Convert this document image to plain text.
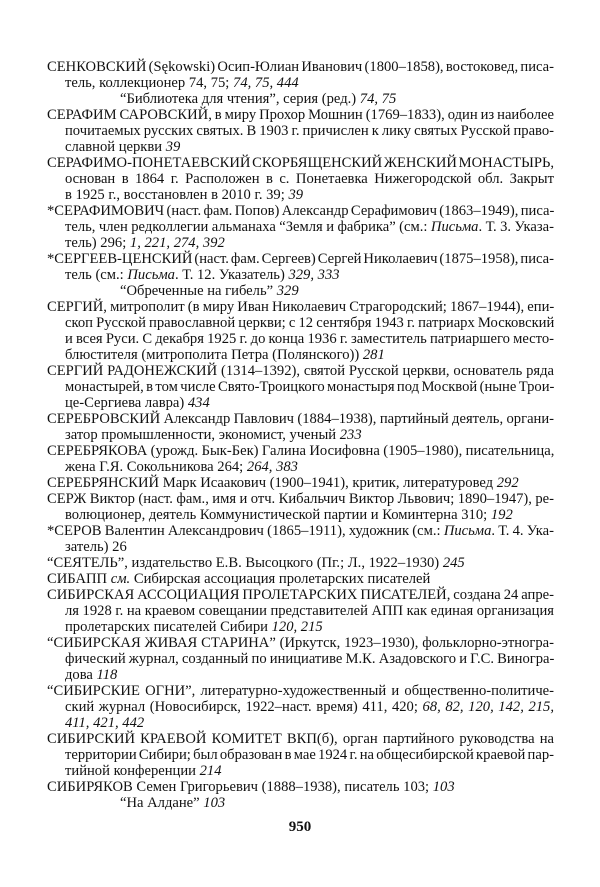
СЕНКОВСКИЙ (Sękowski) Осип-Юлиан Иванович (1800–1858), востоковед, писа-
тель, коллекционер 74, 75; 74, 75, 444
“Библиотека для чтения”, серия (ред.) 74, 75
СЕРАФИМ САРОВСКИЙ, в миру Прохор Мошнин (1769–1833), один из наиболее
почитаемых русских святых. В 1903 г. причислен к лику святых Русской право-
славной церкви 39
СЕРАФИМО-ПОНЕТАЕВСКИЙ СКОРБЯЩЕНСКИЙ ЖЕНСКИЙ МОНАСТЫРЬ,
основан в 1864 г. Расположен в с. Понетаевка Нижегородской обл. Закрыт
в 1925 г., восстановлен в 2010 г. 39; 39
*СЕРАФИМОВИЧ (наст. фам. Попов) Александр Серафимович (1863–1949), писа-
тель, член редколлегии альманаха “Земля и фабрика” (см.: Письма. Т. 3. Указа-
тель) 296; 1, 221, 274, 392
*СЕРГЕЕВ-ЦЕНСКИЙ (наст. фам. Сергеев) Сергей Николаевич (1875–1958), писа-
тель (см.: Письма. Т. 12. Указатель) 329, 333
“Обреченные на гибель” 329
СЕРГИЙ, митрополит (в миру Иван Николаевич Страгородский; 1867–1944), епи-
скоп Русской православной церкви; с 12 сентября 1943 г. патриарх Московский
и всея Руси. С декабря 1925 г. до конца 1936 г. заместитель патриаршего место-
блюстителя (митрополита Петра (Полянского)) 281
СЕРГИЙ РАДОНЕЖСКИЙ (1314–1392), святой Русской церкви, основатель ряда
монастырей, в том числе Свято-Троицкого монастыря под Москвой (ныне Трои-
це-Сергиева лавра) 434
СЕРЕБРОВСКИЙ Александр Павлович (1884–1938), партийный деятель, органи-
затор промышленности, экономист, ученый 233
СЕРЕБРЯКОВА (урожд. Бык-Бек) Галина Иосифовна (1905–1980), писательница,
жена Г.Я. Сокольникова 264; 264, 383
СЕРЕБРЯНСКИЙ Марк Исаакович (1900–1941), критик, литературовед 292
СЕРЖ Виктор (наст. фам., имя и отч. Кибальчич Виктор Львович; 1890–1947), ре-
волюционер, деятель Коммунистической партии и Коминтерна 310; 192
*СЕРОВ Валентин Александрович (1865–1911), художник (см.: Письма. Т. 4. Ука-
затель) 26
“СЕЯТЕЛЬ”, издательство Е.В. Высоцкого (Пг.; Л., 1922–1930) 245
СИБАПП см. Сибирская ассоциация пролетарских писателей
СИБИРСКАЯ АССОЦИАЦИЯ ПРОЛЕТАРСКИХ ПИСАТЕЛЕЙ, создана 24 апре-
ля 1928 г. на краевом совещании представителей АПП как единая организация
пролетарских писателей Сибири 120, 215
“СИБИРСКАЯ ЖИВАЯ СТАРИНА” (Иркутск, 1923–1930), фольклорно-этногра-
фический журнал, созданный по инициативе М.К. Азадовского и Г.С. Виногра-
дова 118
“СИБИРСКИЕ ОГНИ”, литературно-художественный и общественно-политиче-
ский журнал (Новосибирск, 1922–наст. время) 411, 420; 68, 82, 120, 142, 215,
411, 421, 442
СИБИРСКИЙ КРАЕВОЙ КОМИТЕТ ВКП(б), орган партийного руководства на
территории Сибири; был образован в мае 1924 г. на общесибирской краевой пар-
тийной конференции 214
СИБИРЯКОВ Семен Григорьевич (1888–1938), писатель 103; 103
“На Алдане” 103
950
